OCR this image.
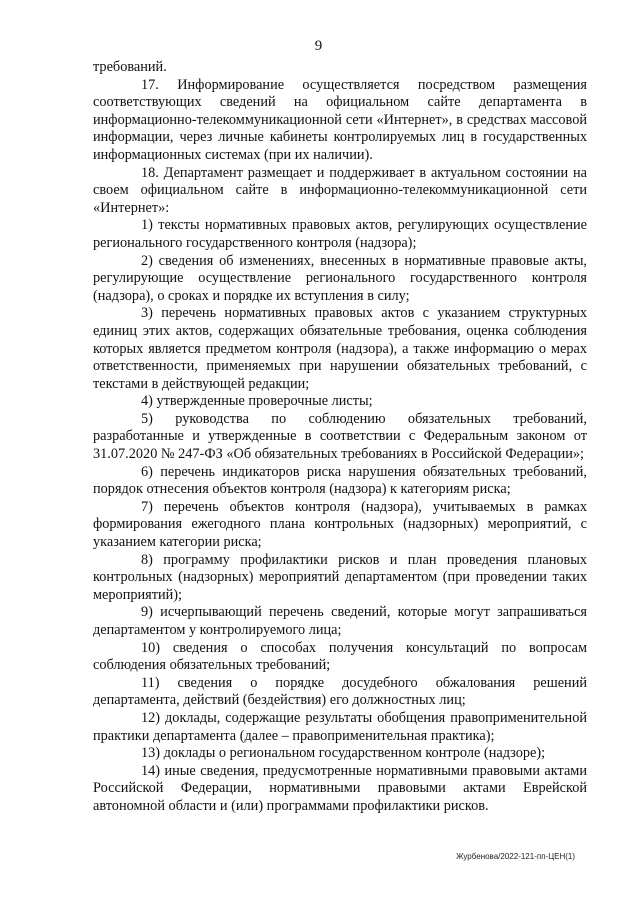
9

требований.

17. Информирование осуществляется посредством размещения соответствующих сведений на официальном сайте департамента в информационно-телекоммуникационной сети «Интернет», в средствах массовой информации, через личные кабинеты контролируемых лиц в государственных информационных системах (при их наличии).

18. Департамент размещает и поддерживает в актуальном состоянии на своем официальном сайте в информационно-телекоммуникационной сети «Интернет»:

1) тексты нормативных правовых актов, регулирующих осуществление регионального государственного контроля (надзора);

2) сведения об изменениях, внесенных в нормативные правовые акты, регулирующие осуществление регионального государственного контроля (надзора), о сроках и порядке их вступления в силу;

3) перечень нормативных правовых актов с указанием структурных единиц этих актов, содержащих обязательные требования, оценка соблюдения которых является предметом контроля (надзора), а также информацию о мерах ответственности, применяемых при нарушении обязательных требований, с текстами в действующей редакции;

4) утвержденные проверочные листы;

5) руководства по соблюдению обязательных требований, разработанные и утвержденные в соответствии с Федеральным законом от 31.07.2020 № 247-ФЗ «Об обязательных требованиях в Российской Федерации»;

6) перечень индикаторов риска нарушения обязательных требований, порядок отнесения объектов контроля (надзора) к категориям риска;

7) перечень объектов контроля (надзора), учитываемых в рамках формирования ежегодного плана контрольных (надзорных) мероприятий, с указанием категории риска;

8) программу профилактики рисков и план проведения плановых контрольных (надзорных) мероприятий департаментом (при проведении таких мероприятий);

9) исчерпывающий перечень сведений, которые могут запрашиваться департаментом у контролируемого лица;

10) сведения о способах получения консультаций по вопросам соблюдения обязательных требований;

11) сведения о порядке досудебного обжалования решений департамента, действий (бездействия) его должностных лиц;

12) доклады, содержащие результаты обобщения правоприменительной практики департамента (далее – правоприменительная практика);

13) доклады о региональном государственном контроле (надзоре);

14) иные сведения, предусмотренные нормативными правовыми актами Российской Федерации, нормативными правовыми актами Еврейской автономной области и (или) программами профилактики рисков.

Журбенова/2022-121-пп-ЦЕН(1)
